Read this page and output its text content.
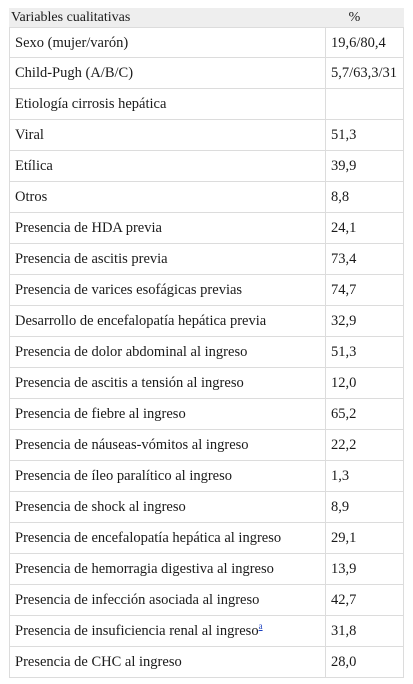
Variables cualitativas	%
Sexo (mujer/varón)	19,6/80,4
Child-Pugh (A/B/C)	5,7/63,3/31
Etiología cirrosis hepática
Viral	51,3
Etílica	39,9
Otros	8,8
Presencia de HDA previa	24,1
Presencia de ascitis previa	73,4
Presencia de varices esofágicas previas	74,7
Desarrollo de encefalopatía hepática previa	32,9
Presencia de dolor abdominal al ingreso	51,3
Presencia de ascitis a tensión al ingreso	12,0
Presencia de fiebre al ingreso	65,2
Presencia de náuseas-vómitos al ingreso	22,2
Presencia de íleo paralítico al ingreso	1,3
Presencia de shock al ingreso	8,9
Presencia de encefalopatía hepática al ingreso	29,1
Presencia de hemorragia digestiva al ingreso	13,9
Presencia de infección asociada al ingreso	42,7
Presencia de insuficiencia renal al ingreso$^a$	31,8
Presencia de CHC al ingreso	28,0
